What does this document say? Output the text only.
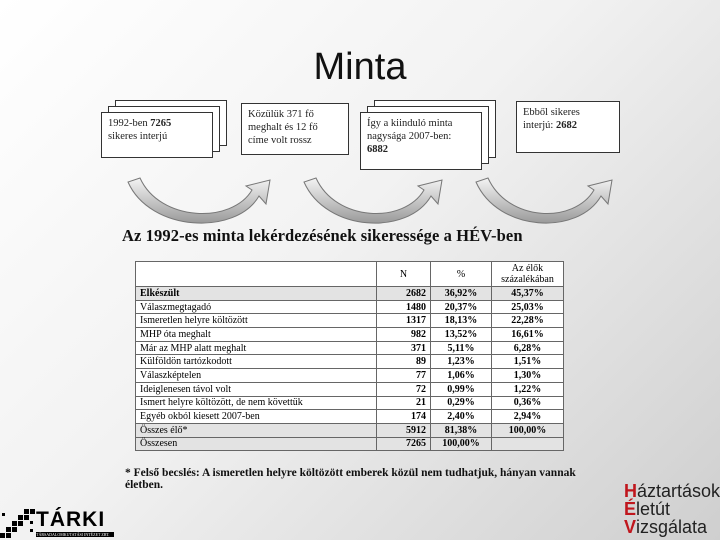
Minta
1992-ben 7265
sikeres interjú
Közülük 371 fő
meghalt és 12 fő
címe volt rossz
Így a kiinduló minta
nagysága 2007-ben:
6882
Ebből sikeres
interjú: 2682
Az 1992-es minta lekérdezésének sikeressége a HÉV-ben
	N	%	Az élők százalékában
Elkészült	2682	36,92%	45,37%
Válaszmegtagadó	1480	20,37%	25,03%
Ismeretlen helyre költözött	1317	18,13%	22,28%
MHP óta meghalt	982	13,52%	16,61%
Már az MHP alatt meghalt	371	5,11%	6,28%
Külföldön tartózkodott	89	1,23%	1,51%
Válaszképtelen	77	1,06%	1,30%
Ideiglenesen távol volt	72	0,99%	1,22%
Ismert helyre költözött, de nem követtük	21	0,29%	0,36%
Egyéb okból kiesett 2007-ben	174	2,40%	2,94%
Összes élő*	5912	81,38%	100,00%
Összesen	7265	100,00%	
* Felső becslés: A ismeretlen helyre költözött emberek közül nem tudhatjuk, hányan vannak életben.
TÁRKI
TÁRSADALOMKUTATÁSI INTÉZET ZRT.
Háztartások
Életút
Vizsgálata
